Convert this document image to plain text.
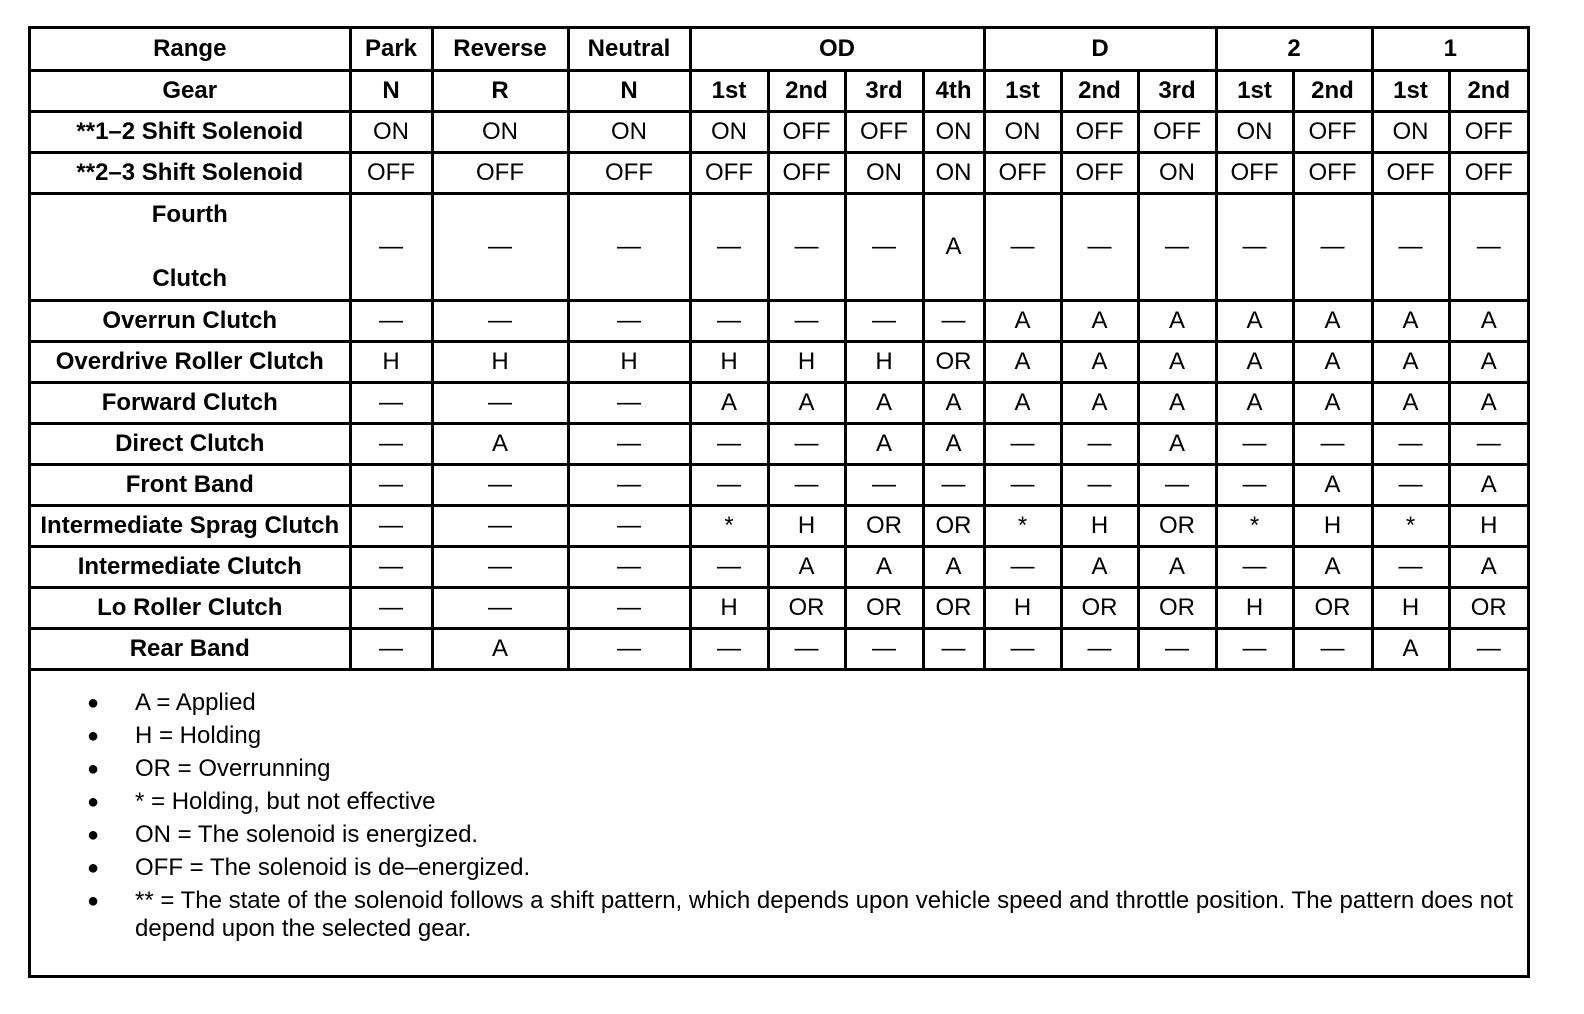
Range	Park	Reverse	Neutral	OD				D			2		1	
Gear	N	R	N	1st	2nd	3rd	4th	1st	2nd	3rd	1st	2nd	1st	2nd
**1–2 Shift Solenoid	ON	ON	ON	ON	OFF	OFF	ON	ON	OFF	OFF	ON	OFF	ON	OFF
**2–3 Shift Solenoid	OFF	OFF	OFF	OFF	OFF	ON	ON	OFF	OFF	ON	OFF	OFF	OFF	OFF

Fourth
Clutch	—	—	—	—	—	—	A	—	—	—	—	—	—	—
Overrun Clutch	—	—	—	—	—	—	—	A	A	A	A	A	A	A
Overdrive Roller Clutch	H	H	H	H	H	H	OR	A	A	A	A	A	A	A
Forward Clutch	—	—	—	A	A	A	A	A	A	A	A	A	A	A
Direct Clutch	—	A	—	—	—	A	A	—	—	A	—	—	—	—
Front Band	—	—	—	—	—	—	—	—	—	—	—	A	—	A
Intermediate Sprag Clutch	—	—	—	*	H	OR	OR	*	H	OR	*	H	*	H
Intermediate Clutch	—	—	—	—	A	A	A	—	A	A	—	A	—	A
Lo Roller Clutch	—	—	—	H	OR	OR	OR	H	OR	OR	H	OR	H	OR
Rear Band	—	A	—	—	—	—	—	—	—	—	—	—	A	—
● A = Applied
● H = Holding
● OR = Overrunning
● * = Holding, but not effective
● ON = The solenoid is energized.
● OFF = The solenoid is de–energized.
● ** = The state of the solenoid follows a shift pattern, which depends upon vehicle speed and throttle position. The pattern does not depend upon the selected gear.
